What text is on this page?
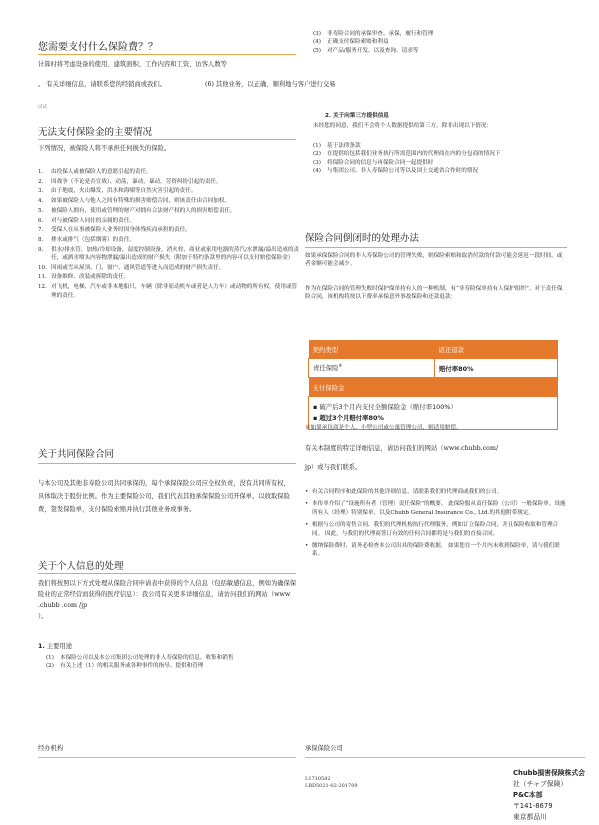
您需要支付什么保险费？？
计算时将考虑设备的使用、建筑面积、工作内容和工资、访客人数等
。 有关详细信息，请联系您的经销商或我们。	(6) 其他业务，以正确、顺利地与客户进行交易
试试
无法支付保险金的主要情况
下列情况，被保险人将不承担任何损失的保险。
1.	由投保人或被保险人的意愿引起的责任。
2.	因战争（不论是否宣战）、动荡，暴动，暴动，劳资纠纷引起的责任。
3.	由于地震，火山爆发，洪水和海啸等自然灾害引起的责任。
4.	如果被保险人与他人之间有特殊的损害赔偿合同，则该责任由合同加权。
5.	被保险人拥有，使用或管理的财产对拥有合法财产权的人的损害赔偿责任。
6.	对与被保险人同住的亲属的责任。
7.	受保人在从事被保险人业务时因身体残疾而承担的责任。
8.	排水或排气（包括烟雾）的责任。
9.	供水/排水管，加热/冷却设备，湿度控制设备，消火栓，商业或家用电器的蒸汽/水泄漏/溢出造成的责任，或洒水喷头内容物泄漏/溢出造成的财产损失（附加于特约条款里的内容可以支付赔偿保险金）
10. 因雨或雪从屋顶、门、窗户、通风管道等进入而造成的财产损失责任。
11. 设备维修、改装或拆除的责任。
12. 对飞机，电梯，汽车或非本地船只，车辆（除非原动机车或者是人力车）或动物的所有权，使用或管理的责任。
关于共同保险合同
与本公司及其他非寿险公司共同承保的，每个承保保险公司应全权负责，没有共同所有权，具体取决于股份比例。作为主要保险公司，我们代表其他承保保险公司开保单，以收取保险费，签发保险单，支付保险索赔并执行其他业务或事务。
关于个人信息的处理
我们将按照以下方式处理从保险合同申请表中获得的个人信息（包括敏感信息，例如为确保保险业的正常经营而获得的医疗信息）：我公司有关更多详细信息，请访问我们的网站（www .chubb .com /jp
）。
1. 主要用途
(1)	本保险公司以及本公司集团公司处理的非人寿保险的信息、收集和销售
(2)	有关上述（1）的相关服务或各种事件的指导、提供和管理
经办机构
L1710582
LBD5021-02-201709
(3)	非寿险合同的承保审查、承保，履行和管理
(4)	正确支付保险索赔和利益
(5)	对产品/服务开发、以及查询、请求等
2. 关于向第三方提供信息
未经您的同意，我们不会将个人数据提供给第三方，除非出现以下情况：
(1)	基于法律条款
(2)	在提供给包括我们业务执行所需范围内的代理商在内的分包商的情况下
(3)	将保险合同的信息与再保险合同一起提供时
(4)	与集团公司、非人寿保险公司等以及国土交通省合作时的情况
保险合同倒闭时的处理办法
如果承保保险合同的非人寿保险公司的管理失败，则保险索赔和取消付款的付款可能会延迟一段时间，或者金额可能会减少。
作为在保险合同的管理失败时保护保单持有人的一种机制，有“非寿险保单持有人保护组织”。对于责任保险合同，该机构将按以下费率承保意外事故保险和还款退款：
契约类型	返还退款
责任保险※	赔付率80%
支付保险金	

▪ 破产后3个月内支付全额保险金（赔付率100%）
▪ 超过3个月赔付率80%	
※如果承包商是个人、小型公司或公寓管理公司，则适用赔偿。
有关本制度的特定详细信息，请访问我们的网站（www.chubb.com/
jp）或与我们联系。
• 有关合同程序和此保险的其他详细信息，请联系我们的代理商或我们的公司。
• 本传单介绍了“设施所有者（管理）责任保险”的概要。 此保险服从责任保险（公司）一般保险单。设施所有人（经理）特别保单，以及Chubb General Insurance Co., Ltd.的其他附带规定。
• 根据与公司的寄售合同，我们的代理机构执行代理服务，例如订立保险合同，并且保险收取和管理合同。 因此，与我们的代理商签订有效的任何合同都将是与我们的直接合同。
• 缴纳保险费时，请务必检查本公司出具的保险费收据。 如果您在一个月内未收到保险单，请与我们联系。
承保保险公司
Chubb損害保険株式会
社（チャブ保険）
P&C本部
〒141-8679
東京都品川
